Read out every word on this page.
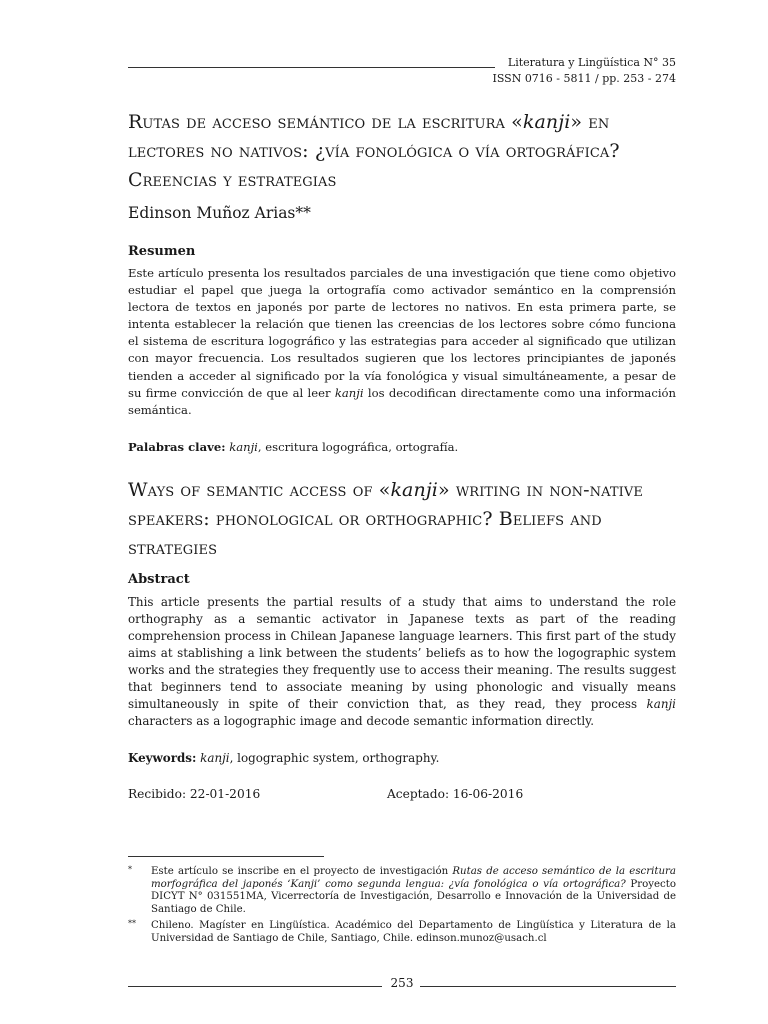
Literatura y Lingüística N° 35
ISSN 0716 - 5811 / pp. 253 - 274
Rutas de acceso semántico de la escritura «kanji» en lectores no nativos: ¿vía fonológica o vía ortográfica? Creencias y estrategias
Edinson Muñoz Arias**
Resumen

Este artículo presenta los resultados parciales de una investigación que tiene como objetivo estudiar el papel que juega la ortografía como activador semántico en la comprensión lectora de textos en japonés por parte de lectores no nativos. En esta primera parte, se intenta establecer la relación que tienen las creencias de los lectores sobre cómo funciona el sistema de escritura logográfico y las estrategias para acceder al significado que utilizan con mayor frecuencia. Los resultados sugieren que los lectores principiantes de japonés tienden a acceder al significado por la vía fonológica y visual simultáneamente, a pesar de su firme convicción de que al leer kanji los decodifican directamente como una información semántica.

Palabras clave: kanji, escritura logográfica, ortografía.
Ways of semantic access of «kanji» writing in non-native speakers: phonological or orthographic? Beliefs and strategies
Abstract

This article presents the partial results of a study that aims to understand the role orthography as a semantic activator in Japanese texts as part of the reading comprehension process in Chilean Japanese language learners. This first part of the study aims at stablishing a link between the students’ beliefs as to how the logographic system works and the strategies they frequently use to access their meaning. The results suggest that beginners tend to associate meaning by using phonologic and visually means simultaneously in spite of their conviction that, as they read, they process kanji characters as a logographic image and decode semantic information directly.

Keywords: kanji, logographic system, orthography.
Recibido: 22-01-2016	Aceptado: 16-06-2016
* Este artículo se inscribe en el proyecto de investigación Rutas de acceso semántico de la escritura morfográfica del japonés ‘Kanji’ como segunda lengua: ¿vía fonológica o vía ortográfica? Proyecto DICYT N° 031551MA, Vicerrectoría de Investigación, Desarrollo e Innovación de la Universidad de Santiago de Chile.
** Chileno. Magíster en Lingüística. Académico del Departamento de Lingüística y Literatura de la Universidad de Santiago de Chile, Santiago, Chile. edinson.munoz@usach.cl
253
